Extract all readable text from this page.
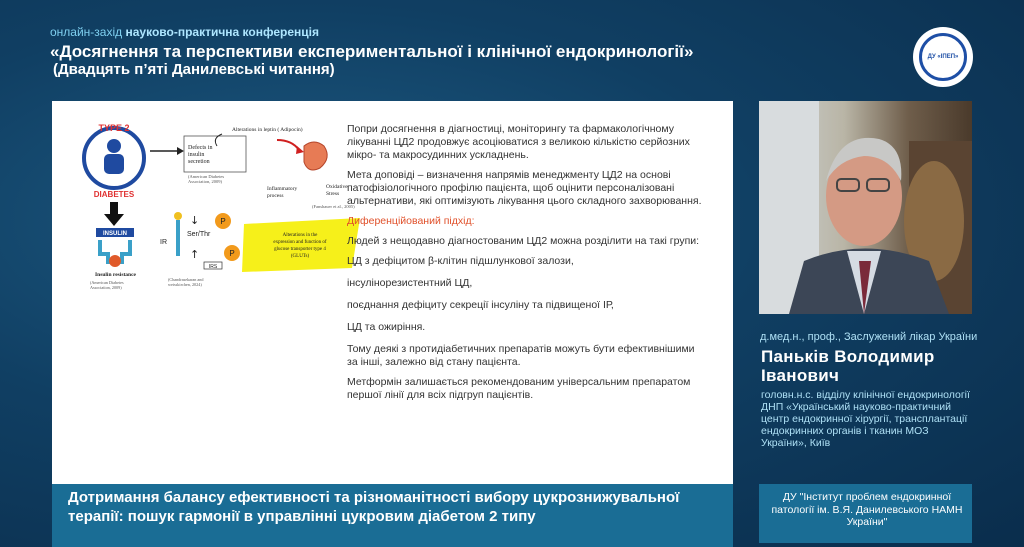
онлайн-захід науково-практична конференція
«Досягнення та перспективи експериментальної і клінічної ендокринології»
(Двадцять п’яті Данилевські читання)
ДУ «ІПЕП»
TYPE 2
DIABETES
Defects in insulin secretion
(American Diabetes Association, 2009)
Alterations in leptin ( Adipocin)
Inflammatory process
Oxidative Stress
(Fanshauer et al., 2005)
INSULIN
Insulin resistance
(American Diabetes Association, 2009)
IR
Ser/Thr
↓
↑
P
P
IRS
(Chandrasekaran and weisskirchen, 2024)
Alterations in the expression and function of glucose transporter type 4 (GLUTs)

Попри досягнення в діагностиці, моніторингу та фармакологічному лікуванні ЦД2 продовжує асоціюватися з великою кількістю серйозних мікро- та макросудинних ускладнень.

Мета доповіді – визначення напрямів менеджменту ЦД2 на основі патофізіологічного профілю пацієнта, щоб оцінити персоналізовані альтернативи, які оптимізують лікування цього складного захворювання.

Диференційований підхід:

Людей з нещодавно діагностованим ЦД2 можна розділити на такі групи:

ЦД з дефіцитом β-клітин підшлункової залози,

інсулінорезистентний ЦД,

поєднання дефіциту секреції інсуліну та підвищеної ІР,

ЦД та ожиріння.

Тому деякі з протидіабетичних препаратів можуть бути ефективнішими за інші, залежно від стану пацієнта.

Метформін залишається рекомендованим універсальним препаратом першої лінії для всіх підгруп пацієнтів.

Дотримання балансу ефективності та різноманітності вибору цукрознижувальної терапії: пошук гармонії в управлінні цукровим діабетом 2 типу
д.мед.н., проф., Заслужений лікар України
Паньків Володимир
Іванович
головн.н.с. відділу клінічної ендокринології ДНП «Український науково-практичний центр ендокринної хірургії, трансплантації ендокринних органів і тканин МОЗ України», Київ
ДУ "Інститут проблем ендокринної патології ім. В.Я. Данилевського НАМН України"
